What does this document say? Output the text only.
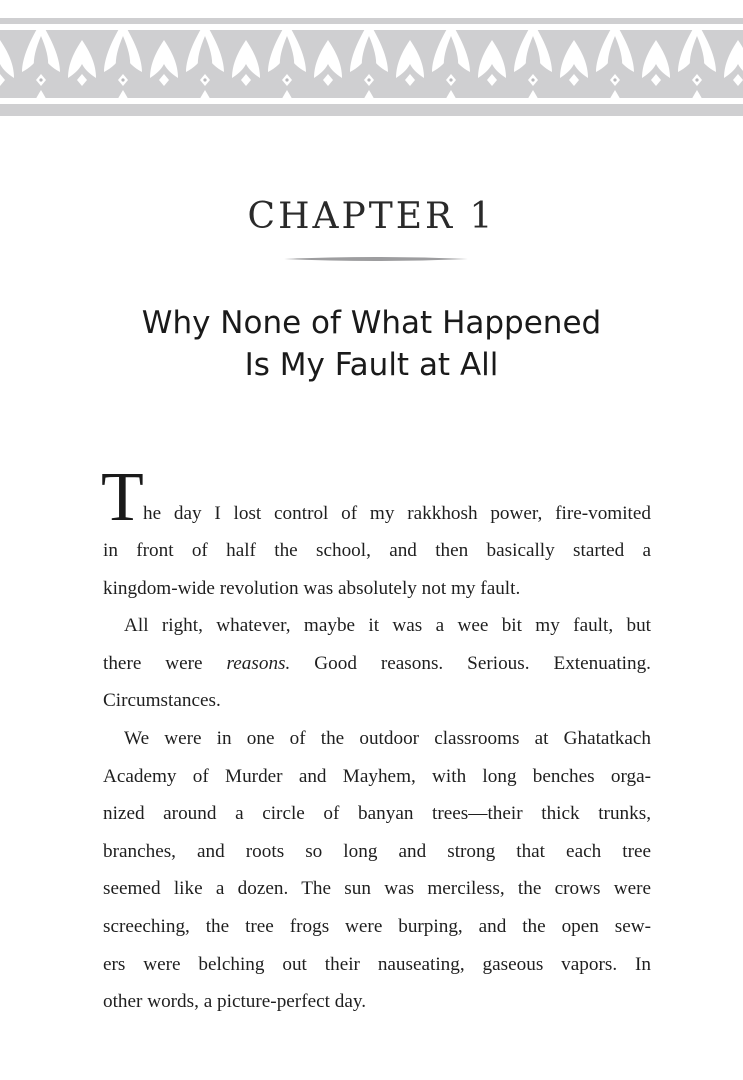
CHAPTER 1
Why None of What Happened
Is My Fault at All
T he day I lost control of my rakkhosh power, fire-vomited
in front of half the school, and then basically started a
kingdom-wide revolution was absolutely not my fault.
All right, whatever, maybe it was a wee bit my fault, but
there were reasons. Good reasons. Serious. Extenuating.
Circumstances.
We were in one of the outdoor classrooms at Ghatatkach
Academy of Murder and Mayhem, with long benches orga-
nized around a circle of banyan trees—their thick trunks,
branches, and roots so long and strong that each tree
seemed like a dozen. The sun was merciless, the crows were
screeching, the tree frogs were burping, and the open sew-
ers were belching out their nauseating, gaseous vapors. In
other words, a picture-perfect day.
